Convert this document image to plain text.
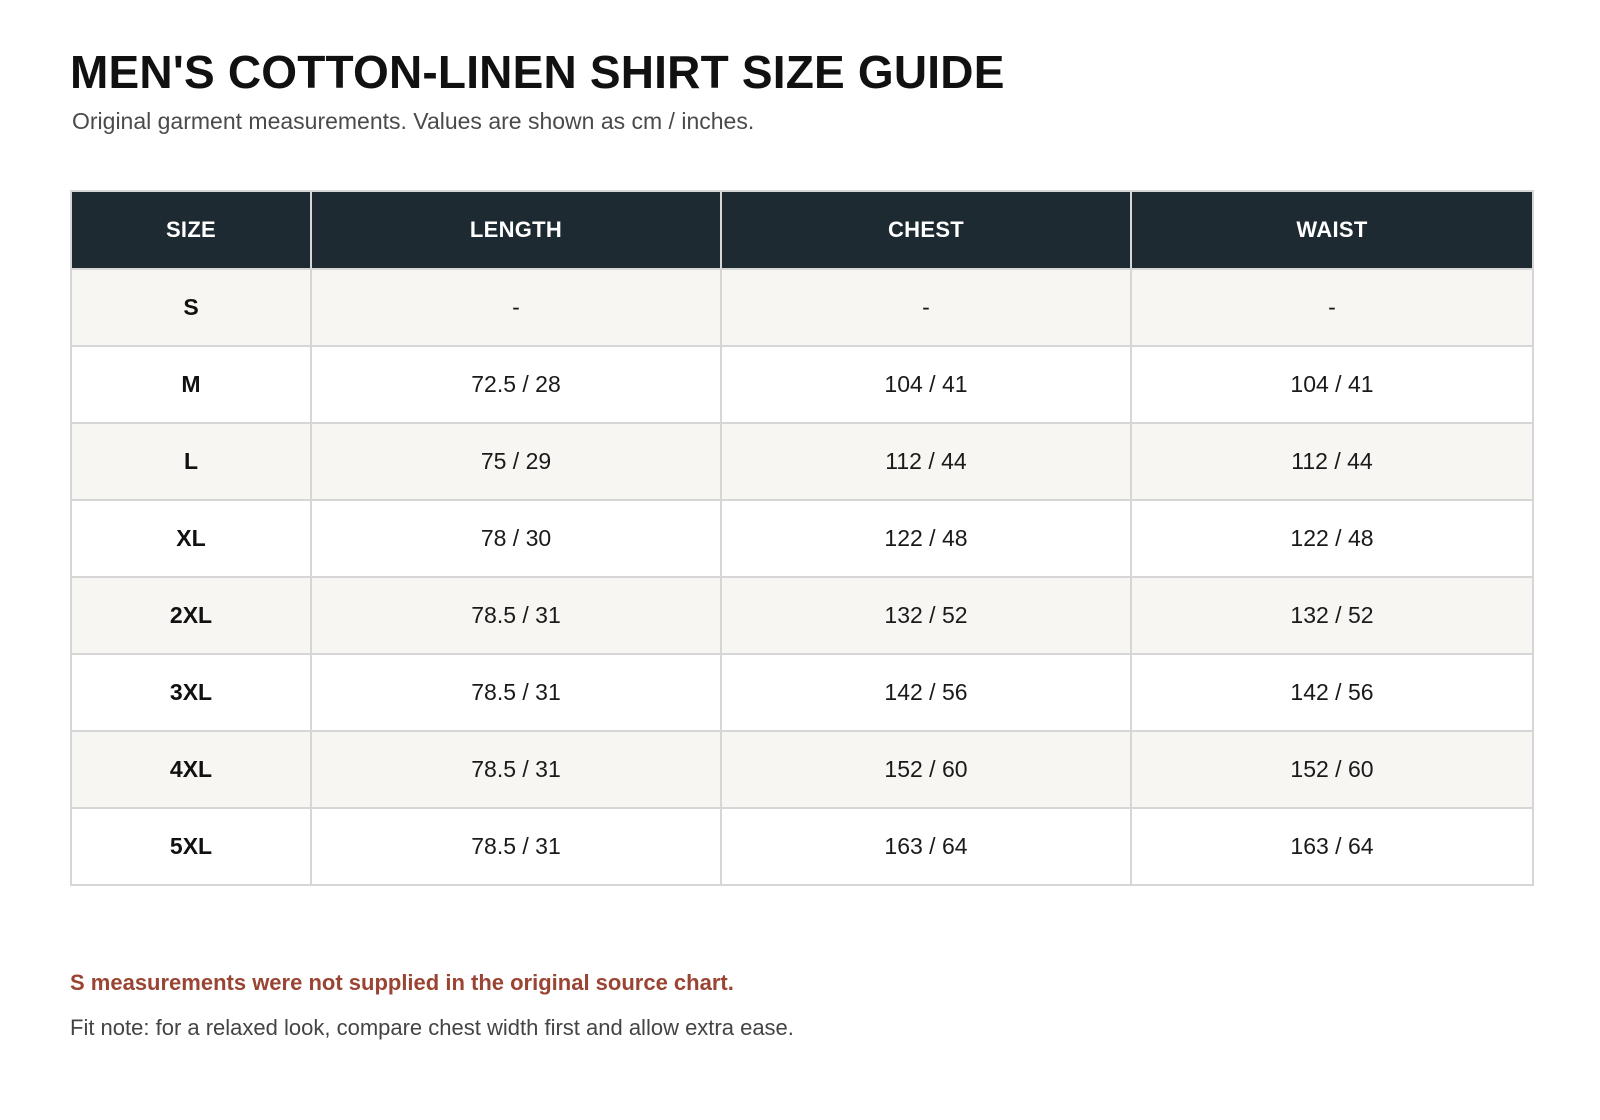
MEN'S COTTON-LINEN SHIRT SIZE GUIDE

Original garment measurements. Values are shown as cm / inches.

SIZE	LENGTH	CHEST	WAIST
S	-	-	-
M	72.5 / 28	104 / 41	104 / 41
L	75 / 29	112 / 44	112 / 44
XL	78 / 30	122 / 48	122 / 48
2XL	78.5 / 31	132 / 52	132 / 52
3XL	78.5 / 31	142 / 56	142 / 56
4XL	78.5 / 31	152 / 60	152 / 60
5XL	78.5 / 31	163 / 64	163 / 64

S measurements were not supplied in the original source chart.

Fit note: for a relaxed look, compare chest width first and allow extra ease.
